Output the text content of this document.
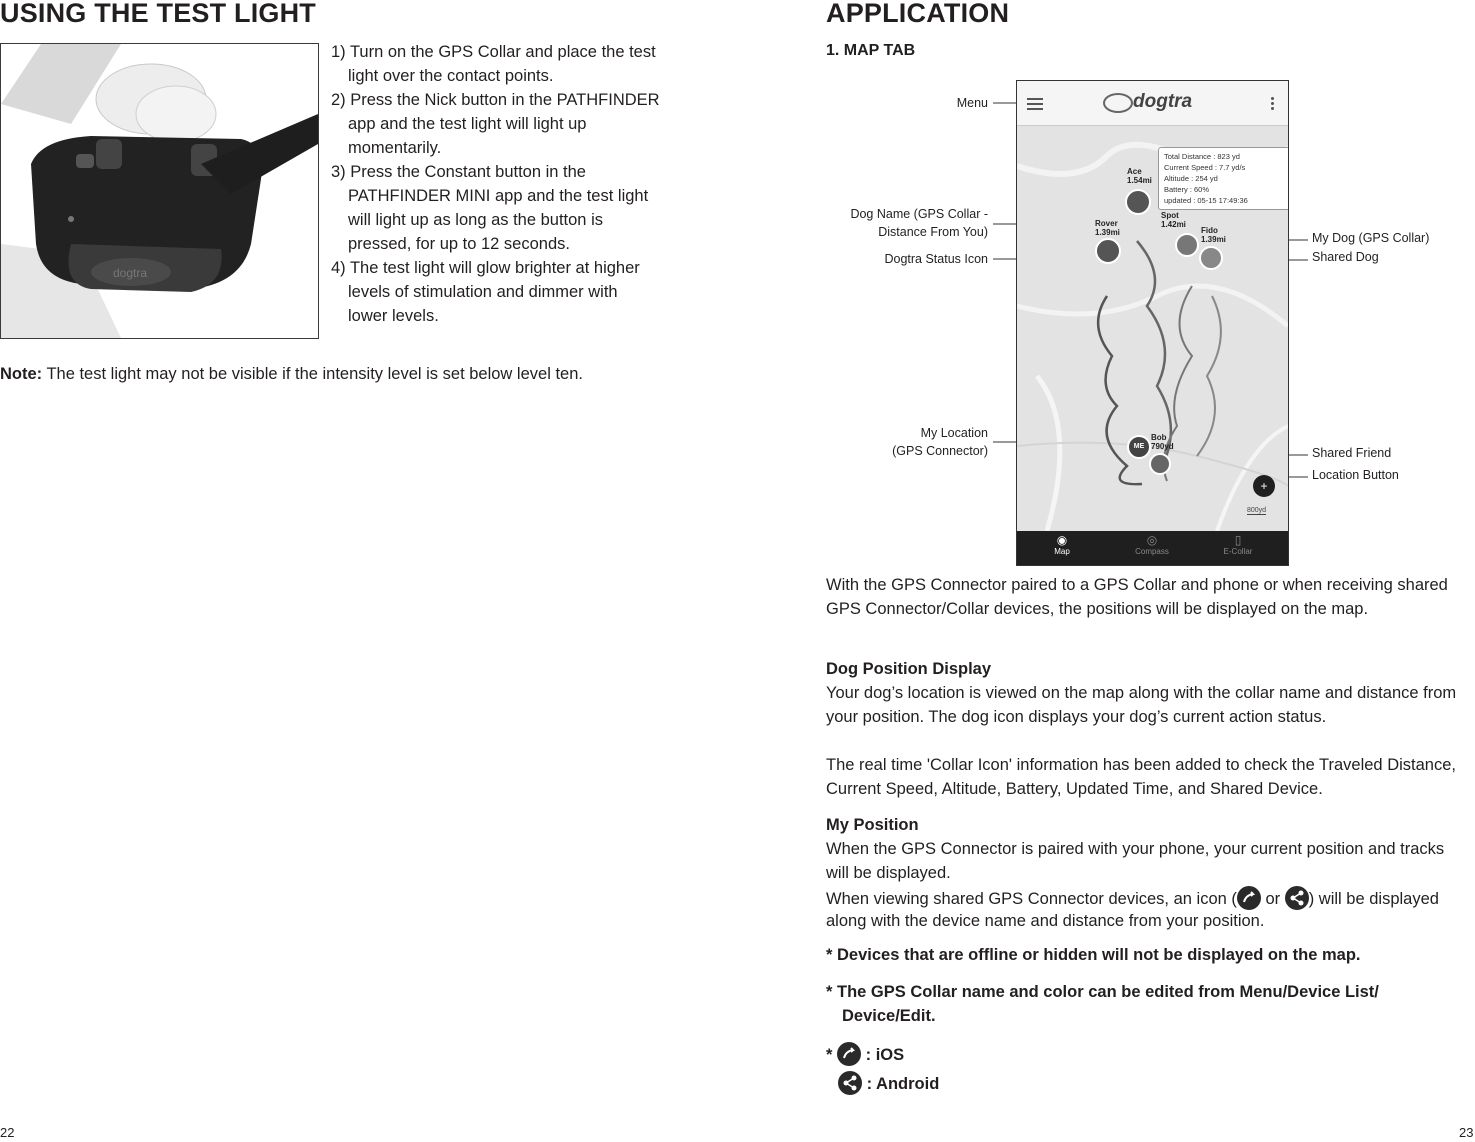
USING THE TEST LIGHT
dogtra

1) Turn on the GPS Collar and place the test light over the contact points.

2) Press the Nick button in the PATHFINDER app and the test light will light up momentarily.

3) Press the Constant button in the PATHFINDER MINI app and the test light will light up as long as the button is pressed, for up to 12 seconds.

4) The test light will glow brighter at higher levels of stimulation and dimmer with lower levels.

Note: The test light may not be visible if the intensity level is set below level ten.
22
APPLICATION
1. MAP TAB
Menu
Dog Name (GPS Collar -
Distance From You)
Dogtra Status Icon
My Location
(GPS Connector)
My Dog (GPS Collar)
Shared Dog
Shared Friend
Location Button
dogtra
Total Distance : 823 yd
Current Speed : 7.7 yd/s
Altitude : 254 yd
Battery : 60%
updated : 05-15 17:49:36
Ace
1.54mi
Rover
1.39mi
Spot
1.42mi
Fido
1.39mi
Bob
790yd
ME
+
800yd
◉
Map
◎
Compass
▯
E-Collar

With the GPS Connector paired to a GPS Collar and phone or when receiving shared GPS Connector/Collar devices, the positions will be displayed on the map.

Dog Position Display

Your dog’s location is viewed on the map along with the collar name and distance from your position. The dog icon displays your dog’s current action status.

The real time 'Collar Icon' information has been added to check the Traveled Distance, Current Speed, Altitude, Battery, Updated Time, and Shared Device.

My Position

When the GPS Connector is paired with your phone, your current position and tracks will be displayed.

When viewing shared GPS Connector devices, an icon (
or
) will be displayed along with the device name and distance from your position.

* Devices that are offline or hidden will not be displayed on the map.

* The GPS Collar name and color can be edited from Menu/Device List/

Device/Edit.

* : iOS
: Android
23
